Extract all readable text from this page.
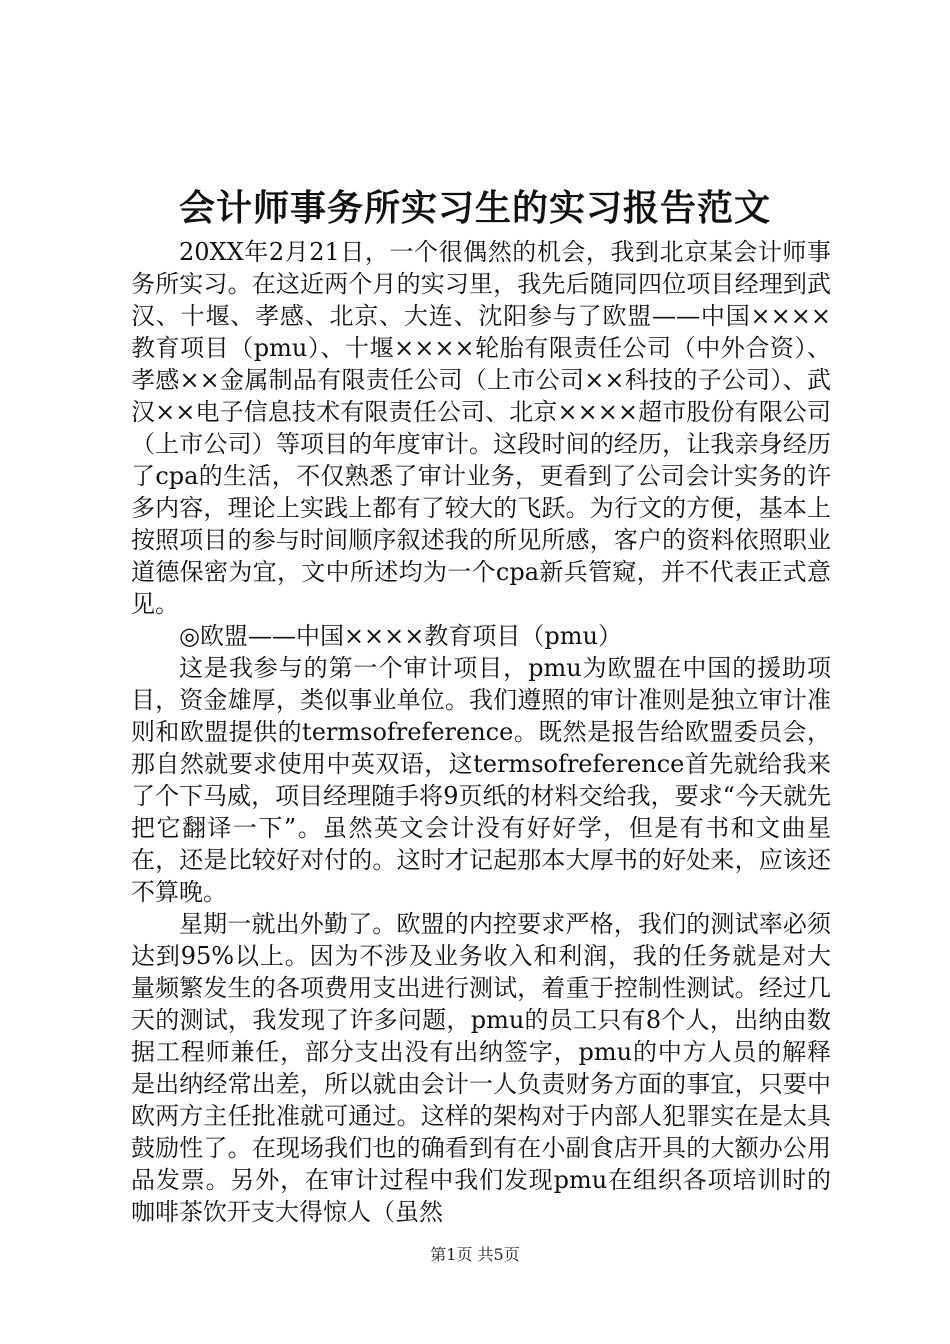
会计师事务所实习生的实习报告范文

20XX年2月21日，一个很偶然的机会，我到北京某会计师事务所实习。在这近两个月的实习里，我先后随同四位项目经理到武汉、十堰、孝感、北京、大连、沈阳参与了欧盟——中国××××教育项目（pmu）、十堰××××轮胎有限责任公司（中外合资）、孝感××金属制品有限责任公司（上市公司××科技的子公司）、武汉××电子信息技术有限责任公司、北京××××超市股份有限公司（上市公司）等项目的年度审计。这段时间的经历，让我亲身经历了cpa的生活，不仅熟悉了审计业务，更看到了公司会计实务的许多内容，理论上实践上都有了较大的飞跃。为行文的方便，基本上按照项目的参与时间顺序叙述我的所见所感，客户的资料依照职业道德保密为宜，文中所述均为一个cpa新兵管窥，并不代表正式意见。

◎欧盟——中国××××教育项目（pmu）

这是我参与的第一个审计项目，pmu为欧盟在中国的援助项目，资金雄厚，类似事业单位。我们遵照的审计准则是独立审计准则和欧盟提供的termsofreference。既然是报告给欧盟委员会，那自然就要求使用中英双语，这termsofreference首先就给我来了个下马威，项目经理随手将9页纸的材料交给我，要求“今天就先把它翻译一下”。虽然英文会计没有好好学，但是有书和文曲星在，还是比较好对付的。这时才记起那本大厚书的好处来，应该还不算晚。

星期一就出外勤了。欧盟的内控要求严格，我们的测试率必须达到95%以上。因为不涉及业务收入和利润，我的任务就是对大量频繁发生的各项费用支出进行测试，着重于控制性测试。经过几天的测试，我发现了许多问题，pmu的员工只有8个人，出纳由数据工程师兼任，部分支出没有出纳签字，pmu的中方人员的解释是出纳经常出差，所以就由会计一人负责财务方面的事宜，只要中欧两方主任批准就可通过。这样的架构对于内部人犯罪实在是太具鼓励性了。在现场我们也的确看到有在小副食店开具的大额办公用品发票。另外，在审计过程中我们发现pmu在组织各项培训时的咖啡茶饮开支大得惊人（虽然

第1页 共5页
